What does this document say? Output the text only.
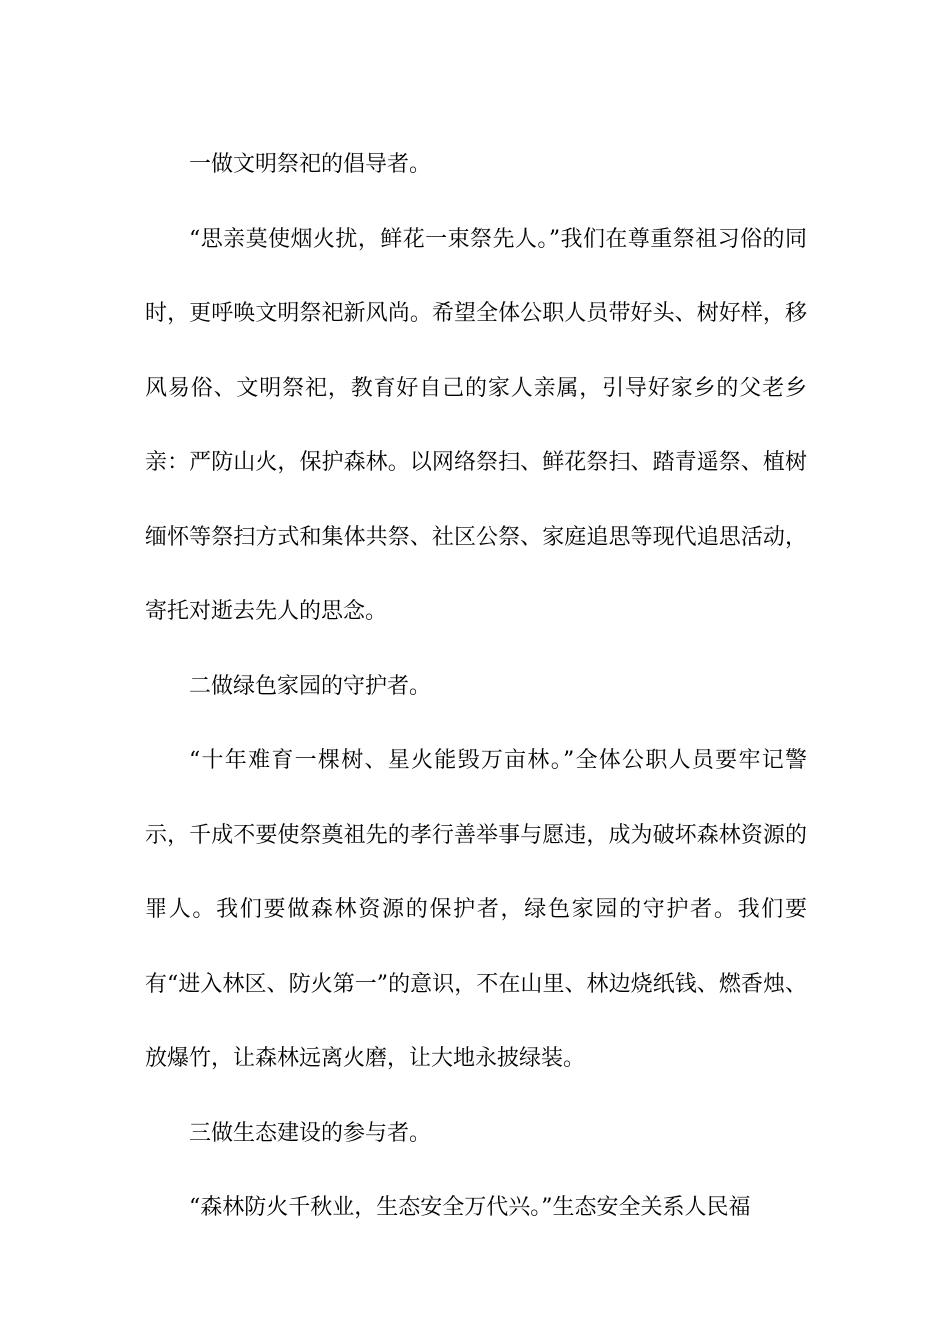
一做文明祭祀的倡导者。

“思亲莫使烟火扰，鲜花一束祭先人。”我们在尊重祭祖习俗的同时，更呼唤文明祭祀新风尚。希望全体公职人员带好头、树好样，移风易俗、文明祭祀，教育好自己的家人亲属，引导好家乡的父老乡亲：严防山火，保护森林。以网络祭扫、鲜花祭扫、踏青遥祭、植树缅怀等祭扫方式和集体共祭、社区公祭、家庭追思等现代追思活动，寄托对逝去先人的思念。

二做绿色家园的守护者。

“十年难育一棵树、星火能毁万亩林。”全体公职人员要牢记警示，千成不要使祭奠祖先的孝行善举事与愿违，成为破坏森林资源的罪人。我们要做森林资源的保护者，绿色家园的守护者。我们要有“进入林区、防火第一”的意识，不在山里、林边烧纸钱、燃香烛、放爆竹，让森林远离火磨，让大地永披绿装。

三做生态建设的参与者。

“森林防火千秋业，生态安全万代兴。”生态安全关系人民福
